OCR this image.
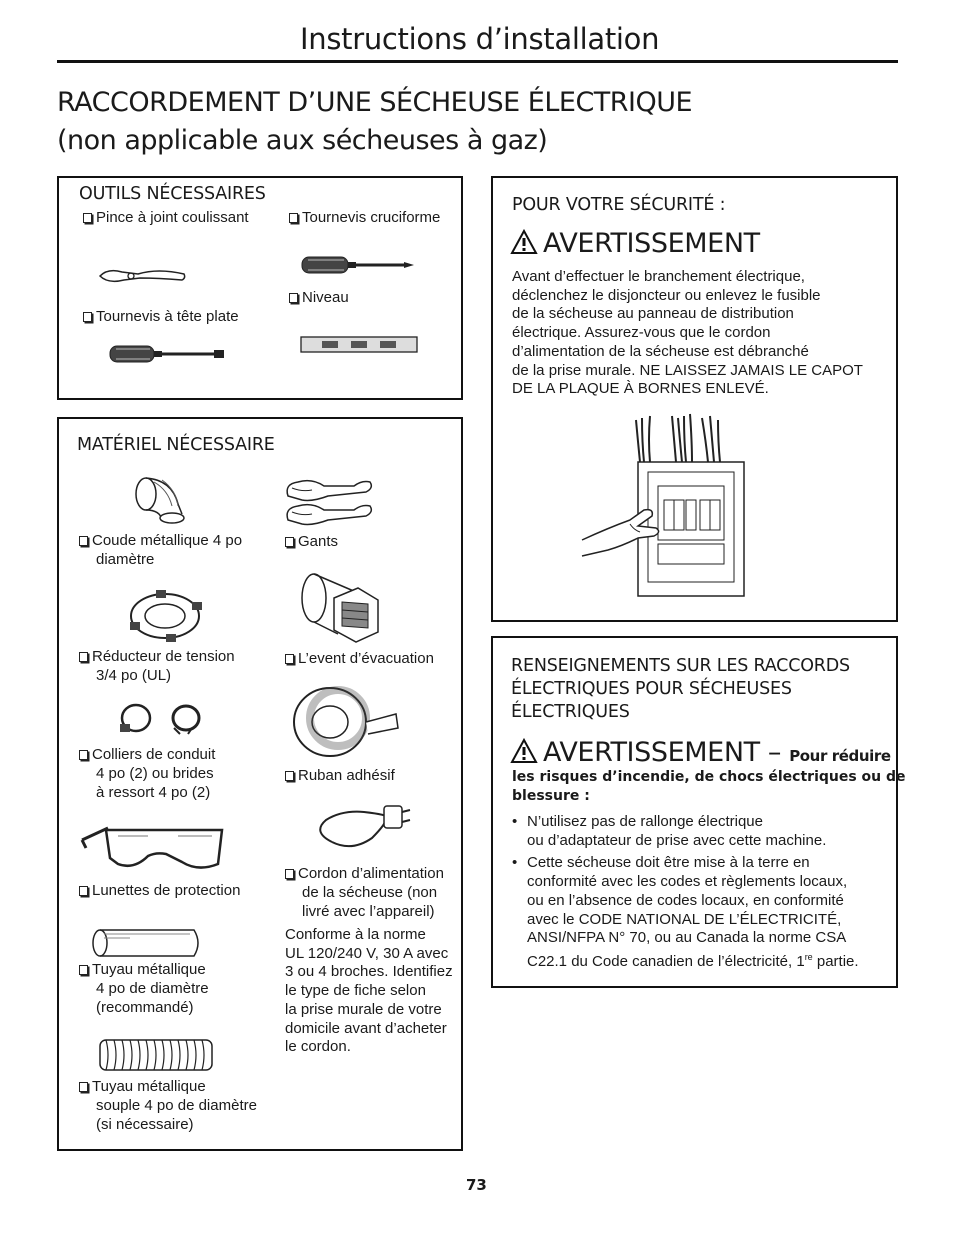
Instructions d’installation
RACCORDEMENT D’UNE SÉCHEUSE ÉLECTRIQUE
(non applicable aux sécheuses à gaz)
OUTILS NÉCESSAIRES
Pince à joint coulissant	Tournevis cruciforme
Niveau
Tournevis à tête plate
MATÉRIEL NÉCESSAIRE
Coude métallique 4 po
diamètre
Gants
Réducteur de tension
3/4 po (UL)
L’event d’évacuation
Colliers de conduit
4 po (2) ou brides
à ressort 4 po (2)
Ruban adhésif
Lunettes de protection
Cordon d’alimentation
de la sécheuse (non
livré avec l’appareil)
Conforme à la norme
UL 120/240 V, 30 A avec
3 ou 4 broches. Identifiez
le type de fiche selon
la prise murale de votre
domicile avant d’acheter
le cordon.
Tuyau métallique
4 po de diamètre
(recommandé)
Tuyau métallique
souple 4 po de diamètre
(si nécessaire)
POUR VOTRE SÉCURITÉ :
AVERTISSEMENT
Avant d’effectuer le branchement électrique,
déclenchez le disjoncteur ou enlevez le fusible
de la sécheuse au panneau de distribution
électrique. Assurez-vous que le cordon
d’alimentation de la sécheuse est débranché
de la prise murale. NE LAISSEZ JAMAIS LE CAPOT
DE LA PLAQUE À BORNES ENLEVÉ.
RENSEIGNEMENTS SUR LES RACCORDS
ÉLECTRIQUES POUR SÉCHEUSES
ÉLECTRIQUES
AVERTISSEMENT – Pour réduire
les risques d’incendie, de chocs électriques ou de
blessure :
• N’utilisez pas de rallonge électrique
ou d’adaptateur de prise avec cette machine.
• Cette sécheuse doit être mise à la terre en
conformité avec les codes et règlements locaux,
ou en l’absence de codes locaux, en conformité
avec le CODE NATIONAL DE L’ÉLECTRICITÉ,
ANSI/NFPA N° 70, ou au Canada la norme CSA
C22.1 du Code canadien de l’électricité, 1re partie.
73
